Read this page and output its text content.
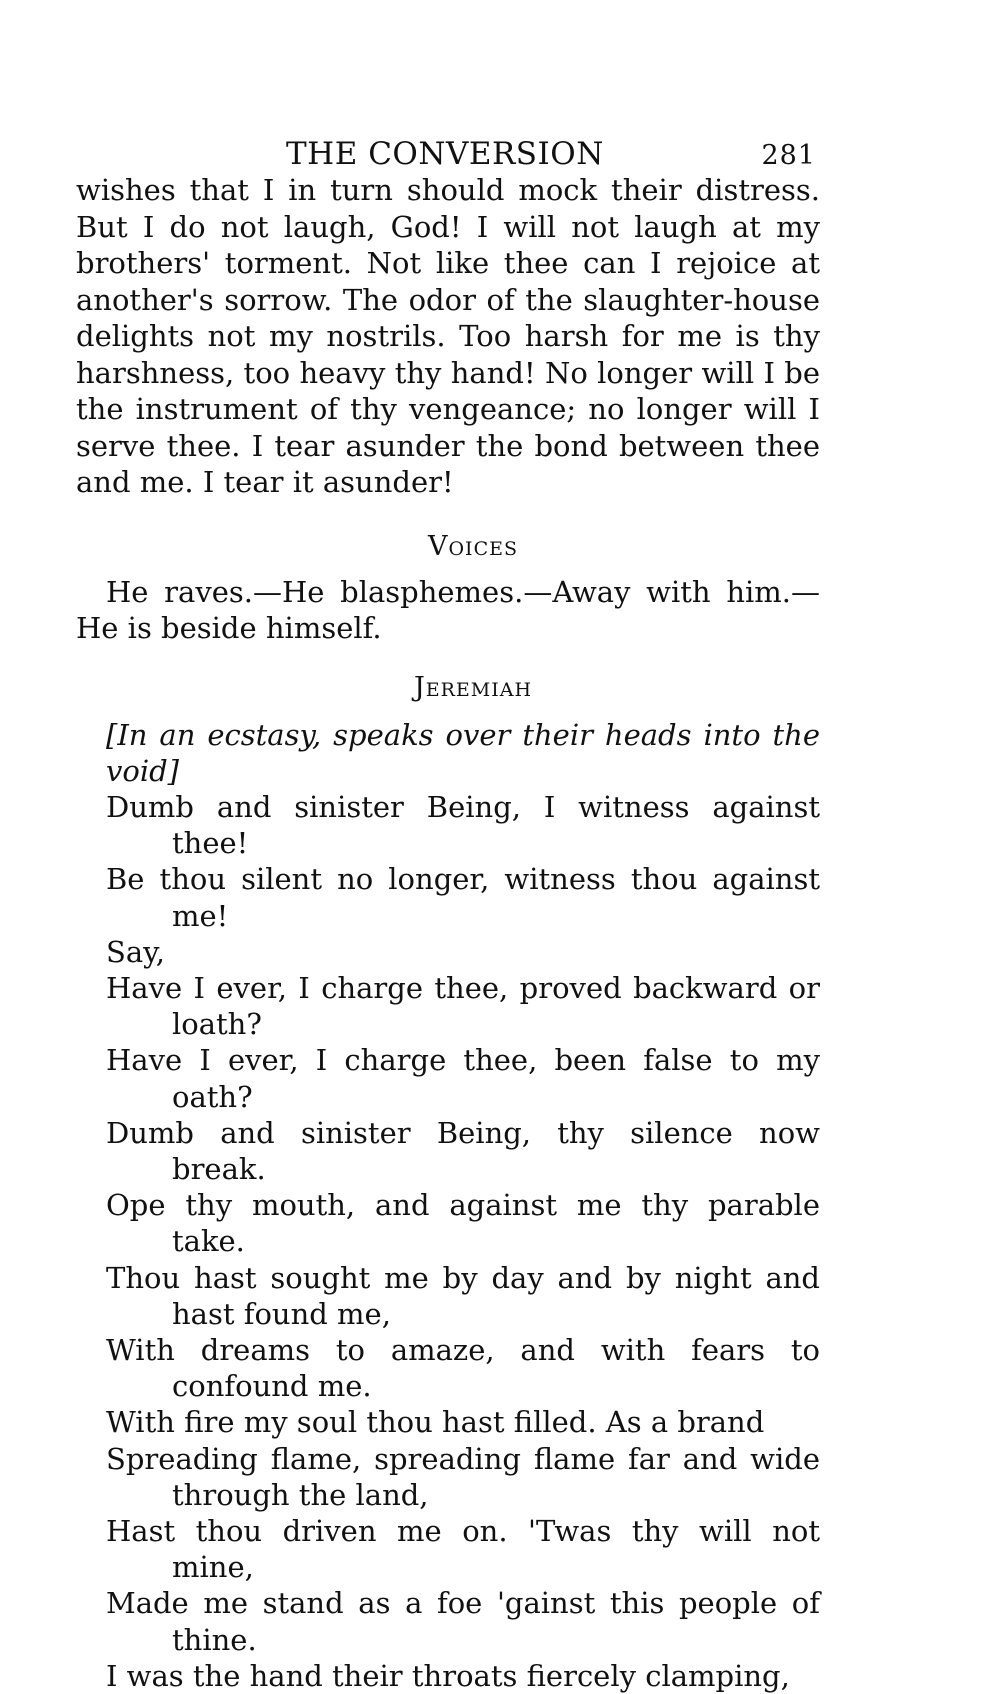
THE CONVERSION	281

wishes that I in turn should mock their distress. But I do not laugh, God! I will not laugh at my brothers' torment. Not like thee can I rejoice at another's sorrow. The odor of the slaughter-house delights not my nostrils. Too harsh for me is thy harshness, too heavy thy hand! No longer will I be the instrument of thy vengeance; no longer will I serve thee. I tear asunder the bond between thee and me. I tear it asunder!

Voices

He raves.—He blasphemes.—Away with him.—He is beside himself.

Jeremiah
[In an ecstasy, speaks over their heads into the void]
Dumb and sinister Being, I witness against thee!
Be thou silent no longer, witness thou against me!
Say,
Have I ever, I charge thee, proved backward or loath?
Have I ever, I charge thee, been false to my oath?
Dumb and sinister Being, thy silence now break.
Ope thy mouth, and against me thy parable take.
Thou hast sought me by day and by night and hast found me,
With dreams to amaze, and with fears to confound me.
With fire my soul thou hast filled. As a brand
Spreading flame, spreading flame far and wide through the land,
Hast thou driven me on. 'Twas thy will not mine,
Made me stand as a foe 'gainst this people of thine.
I was the hand their throats fiercely clamping,
